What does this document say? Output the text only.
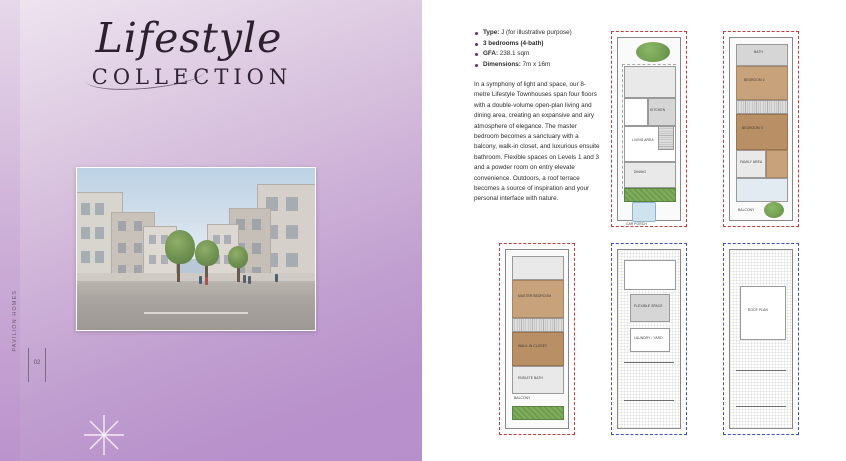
Lifestyle
COLLECTION
PAVILION HOMES
02
Type: J (for illustrative purpose)
3 bedrooms (4-bath)
GFA: 238.1 sqm
Dimensions: 7m x 16m

In a symphony of light and space, our 8-metre Lifestyle Townhouses span four floors with a double-volume open-plan living and dining area, creating an expansive and airy atmosphere of elegance. The master bedroom becomes a sanctuary with a balcony, walk-in closet, and luxurious ensuite bathroom. Flexible spaces on Levels 1 and 3 and a powder room on entry elevate convenience. Outdoors, a roof terrace becomes a source of inspiration and your personal interface with nature.

KITCHEN
LIVING AREA
DINING
CAR PORCH
BATH
BEDROOM 2
BEDROOM 3
FAMILY AREA
BALCONY
MASTER BEDROOM
WALK-IN CLOSET
ENSUITE BATH
BALCONY
FLEXIBLE SPACE
LAUNDRY / YARD
ROOF PLAN
